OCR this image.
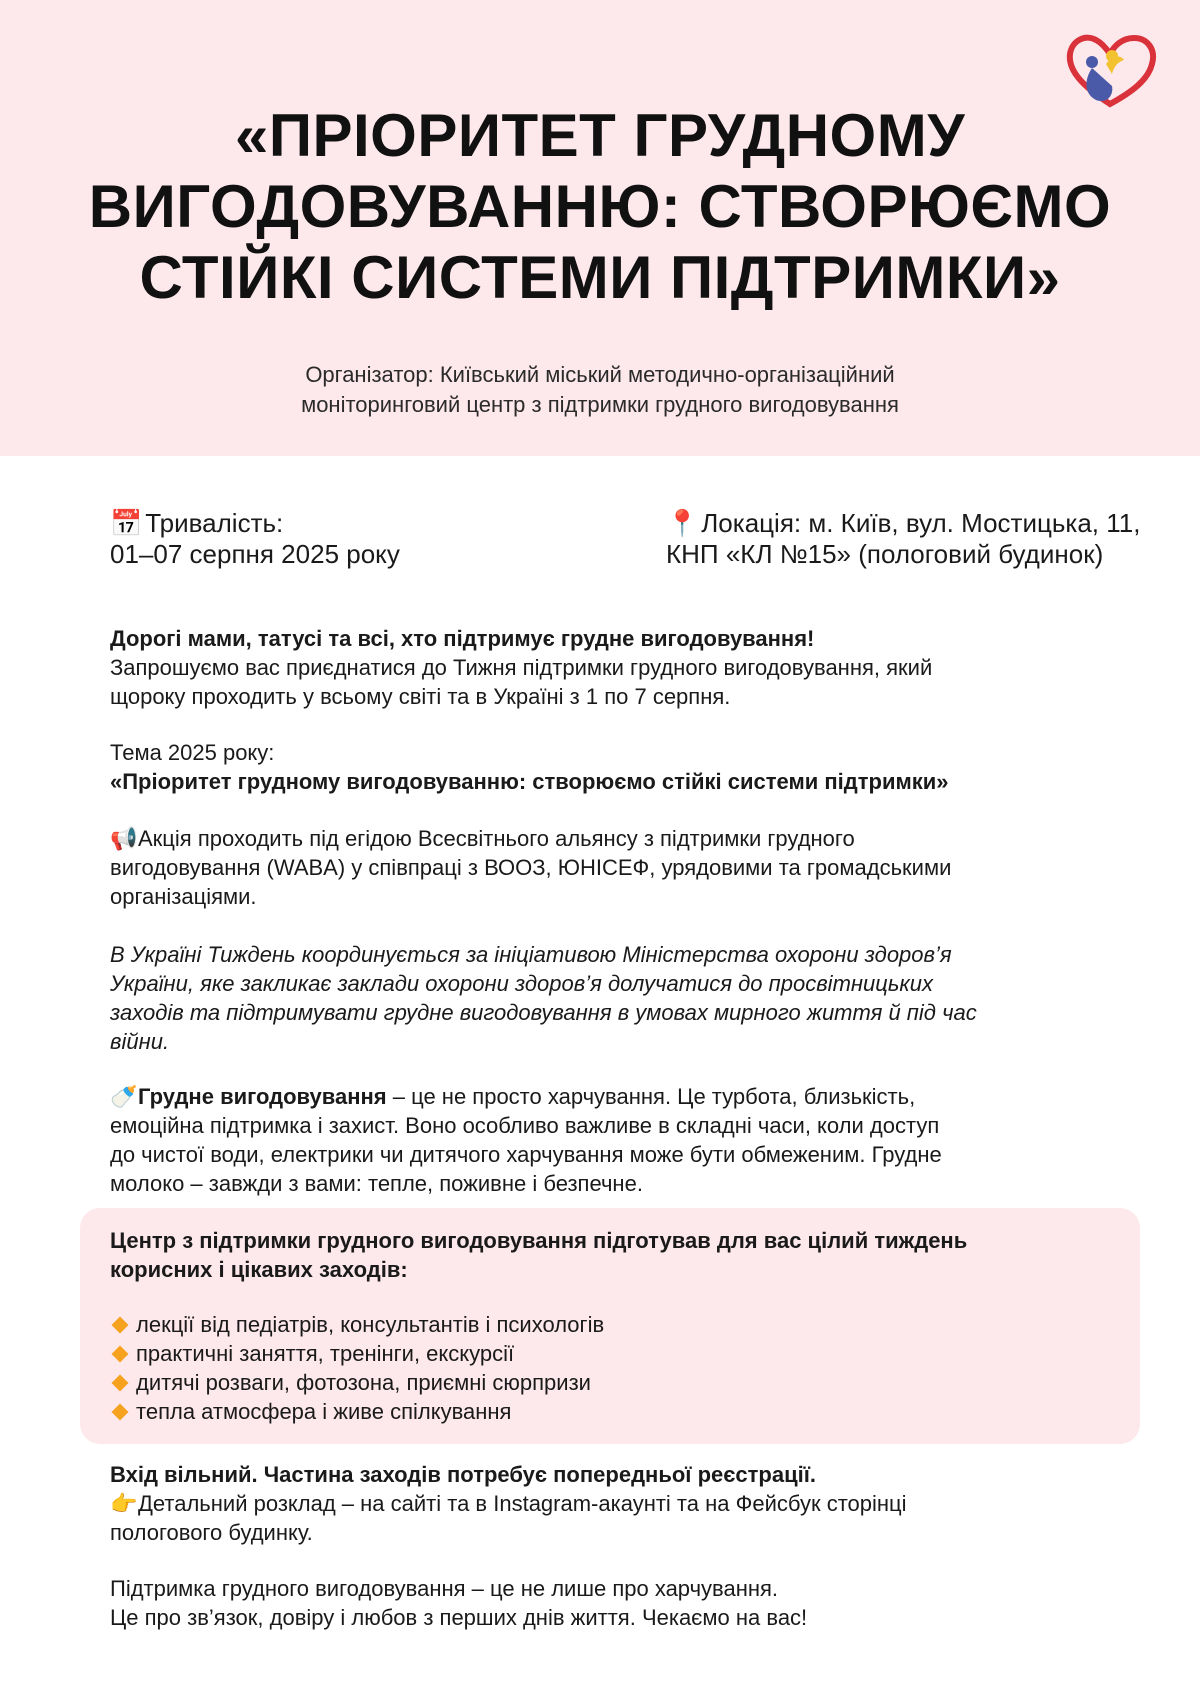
«ПРІОРИТЕТ ГРУДНОМУ
ВИГОДОВУВАННЮ: СТВОРЮЄМО
СТІЙКІ СИСТЕМИ ПІДТРИМКИ»
Організатор: Київський міський методично-організаційний
моніторинговий центр з підтримки грудного вигодовування
📅 Тривалість:
01–07 серпня 2025 року
📍 Локація: м. Київ, вул. Мостицька, 11,
КНП «КЛ №15» (пологовий будинок)

Дорогі мами, татусі та всі, хто підтримує грудне вигодовування!

Запрошуємо вас приєднатися до Тижня підтримки грудного вигодовування, який

щороку проходить у всьому світі та в Україні з 1 по 7 серпня.

Тема 2025 року:

«Пріоритет грудному вигодовуванню: створюємо стійкі системи підтримки»

📢Акція проходить під егідою Всесвітнього альянсу з підтримки грудного

вигодовування (WABA) у співпраці з ВООЗ, ЮНІСЕФ, урядовими та громадськими

організаціями.

В Україні Тиждень координується за ініціативою Міністерства охорони здоров’я

України, яке закликає заклади охорони здоров’я долучатися до просвітницьких

заходів та підтримувати грудне вигодовування в умовах мирного життя й під час

війни.

🍼Грудне вигодовування – це не просто харчування. Це турбота, близькість,

емоційна підтримка і захист. Воно особливо важливе в складні часи, коли доступ

до чистої води, електрики чи дитячого харчування може бути обмеженим. Грудне

молоко – завжди з вами: тепле, поживне і безпечне.

Центр з підтримки грудного вигодовування підготував для вас цілий тиждень

корисних і цікавих заходів:

лекції від педіатрів, консультантів і психологів

практичні заняття, тренінги, екскурсії

дитячі розваги, фотозона, приємні сюрпризи

тепла атмосфера і живе спілкування

Вхід вільний. Частина заходів потребує попередньої реєстрації.

👉Детальний розклад – на сайті та в Instagram-акаунті та на Фейсбук сторінці

пологового будинку.

Підтримка грудного вигодовування – це не лише про харчування.

Це про зв’язок, довіру і любов з перших днів життя. Чекаємо на вас!
